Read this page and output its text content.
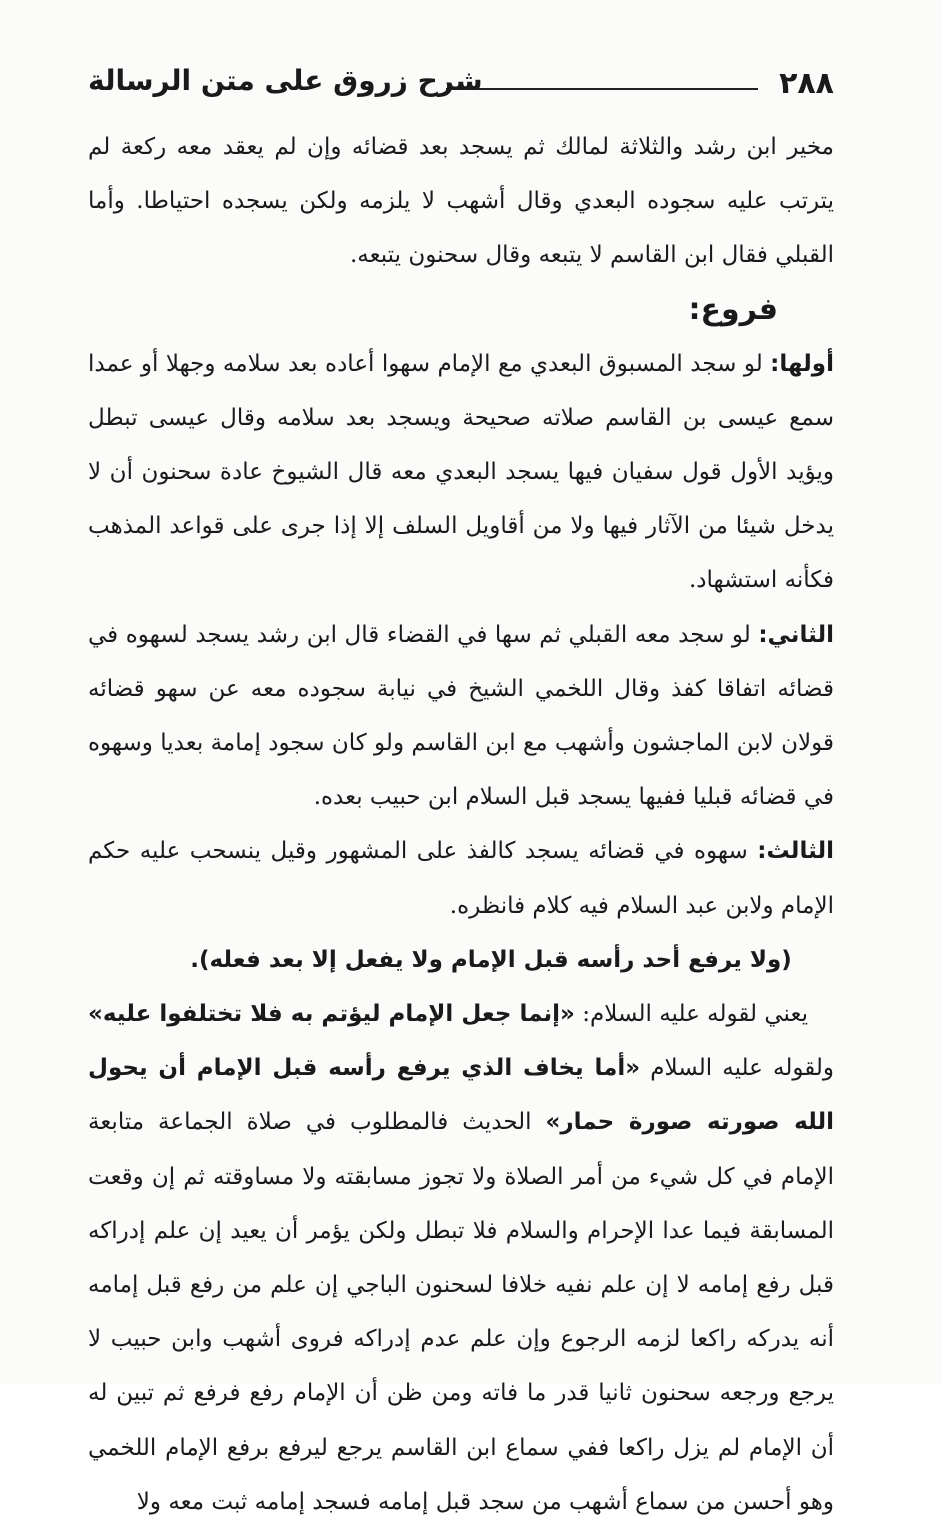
٢٨٨
شرح زروق على متن الرسالة

مخير ابن رشد والثلاثة لمالك ثم يسجد بعد قضائه وإن لم يعقد معه ركعة لم يترتب عليه سجوده البعدي وقال أشهب لا يلزمه ولكن يسجده احتياطا. وأما القبلي فقال ابن القاسم لا يتبعه وقال سحنون يتبعه.

فروع:

أولها: لو سجد المسبوق البعدي مع الإمام سهوا أعاده بعد سلامه وجهلا أو عمدا سمع عيسى بن القاسم صلاته صحيحة ويسجد بعد سلامه وقال عيسى تبطل ويؤيد الأول قول سفيان فيها يسجد البعدي معه قال الشيوخ عادة سحنون أن لا يدخل شيئا من الآثار فيها ولا من أقاويل السلف إلا إذا جرى على قواعد المذهب فكأنه استشهاد.

الثاني: لو سجد معه القبلي ثم سها في القضاء قال ابن رشد يسجد لسهوه في قضائه اتفاقا كفذ وقال اللخمي الشيخ في نيابة سجوده معه عن سهو قضائه قولان لابن الماجشون وأشهب مع ابن القاسم ولو كان سجود إمامة بعديا وسهوه في قضائه قبليا ففيها يسجد قبل السلام ابن حبيب بعده.

الثالث: سهوه في قضائه يسجد كالفذ على المشهور وقيل ينسحب عليه حكم الإمام ولابن عبد السلام فيه كلام فانظره.

(ولا يرفع أحد رأسه قبل الإمام ولا يفعل إلا بعد فعله).

يعني لقوله عليه السلام: «إنما جعل الإمام ليؤتم به فلا تختلفوا عليه» ولقوله عليه السلام «أما يخاف الذي يرفع رأسه قبل الإمام أن يحول الله صورته صورة حمار» الحديث فالمطلوب في صلاة الجماعة متابعة الإمام في كل شيء من أمر الصلاة ولا تجوز مسابقته ولا مساوقته ثم إن وقعت المسابقة فيما عدا الإحرام والسلام فلا تبطل ولكن يؤمر أن يعيد إن علم إدراكه قبل رفع إمامه لا إن علم نفيه خلافا لسحنون الباجي إن علم من رفع قبل إمامه أنه يدركه راكعا لزمه الرجوع وإن علم عدم إدراكه فروى أشهب وابن حبيب لا يرجع ورجعه سحنون ثانيا قدر ما فاته ومن ظن أن الإمام رفع فرفع ثم تبين له أن الإمام لم يزل راكعا ففي سماع ابن القاسم يرجع ليرفع برفع الإمام اللخمي وهو أحسن من سماع أشهب من سجد قبل إمامه فسجد إمامه ثبت معه ولا
